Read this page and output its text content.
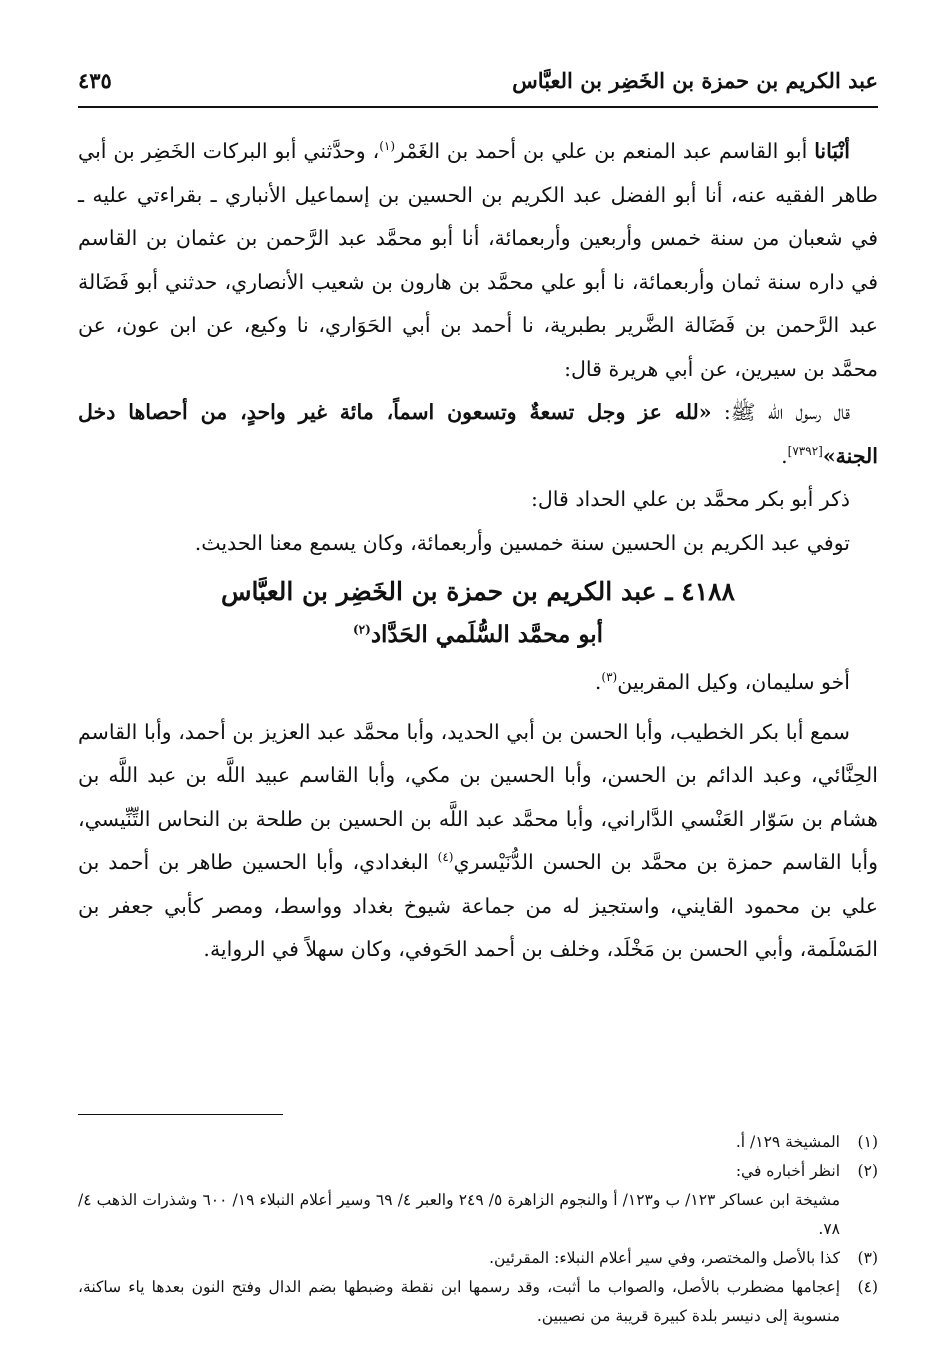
عبد الكريم بن حمزة بن الخَضِر بن العبَّاس
٤٣٥

أنْبَانا أبو القاسم عبد المنعم بن علي بن أحمد بن الغَمْر$^{(١)}$، وحدَّثني أبو البركات الخَضِر بن أبي طاهر الفقيه عنه، أنا أبو الفضل عبد الكريم بن الحسين بن إسماعيل الأنباري ـ بقراءتي عليه ـ في شعبان من سنة خمس وأربعين وأربعمائة، أنا أبو محمَّد عبد الرَّحمن بن عثمان بن القاسم في داره سنة ثمان وأربعمائة، نا أبو علي محمَّد بن هارون بن شعيب الأنصاري، حدثني أبو فَضَالة عبد الرَّحمن بن فَضَالة الضَّرير بطبرية، نا أحمد بن أبي الحَوَاري، نا وكيع، عن ابن عون، عن محمَّد بن سيرين، عن أبي هريرة قال:

قال رسول الله ﷺ: «لله عز وجل تسعةٌ وتسعون اسماً، مائة غير واحدٍ، من أحصاها دخل الجنة»[٧٣٩٢].

ذكر أبو بكر محمَّد بن علي الحداد قال:

توفي عبد الكريم بن الحسين سنة خمسين وأربعمائة، وكان يسمع معنا الحديث.

٤١٨٨ ـ عبد الكريم بن حمزة بن الخَضِر بن العبَّاس
أبو محمَّد السُّلَمي الحَدَّاد$^{(٢)}$

أخو سليمان، وكيل المقربين$^{(٣)}$.

سمع أبا بكر الخطيب، وأبا الحسن بن أبي الحديد، وأبا محمَّد عبد العزيز بن أحمد، وأبا القاسم الحِنَّائي، وعبد الدائم بن الحسن، وأبا الحسين بن مكي، وأبا القاسم عبيد اللَّه بن عبد اللَّه بن هشام بن سَوّار العَنْسي الدَّاراني، وأبا محمَّد عبد اللَّه بن الحسين بن طلحة بن النحاس التِّنِّيسي، وأبا القاسم حمزة بن محمَّد بن الحسن الدُّنَيْسري$^{(٤)}$ البغدادي، وأبا الحسين طاهر بن أحمد بن علي بن محمود القايني، واستجيز له من جماعة شيوخ بغداد وواسط، ومصر كأبي جعفر بن المَسْلَمة، وأبي الحسن بن مَخْلَد، وخلف بن أحمد الحَوفي، وكان سهلاً في الرواية.

(١)
المشيخة ١٢٩/ أ.
(٢)
انظر أخباره في:
مشيخة ابن عساكر ١٢٣/ ب و١٢٣/ أ والنجوم الزاهرة ٥/ ٢٤٩ والعبر ٤/ ٦٩ وسير أعلام النبلاء ١٩/ ٦٠٠ وشذرات الذهب ٤/ ٧٨.
(٣)
كذا بالأصل والمختصر، وفي سير أعلام النبلاء: المقرئين.
(٤)
إعجامها مضطرب بالأصل، والصواب ما أثبت، وقد رسمها ابن نقطة وضبطها بضم الدال وفتح النون بعدها ياء ساكنة، منسوبة إلى دنيسر بلدة كبيرة قريبة من نصيبين.
